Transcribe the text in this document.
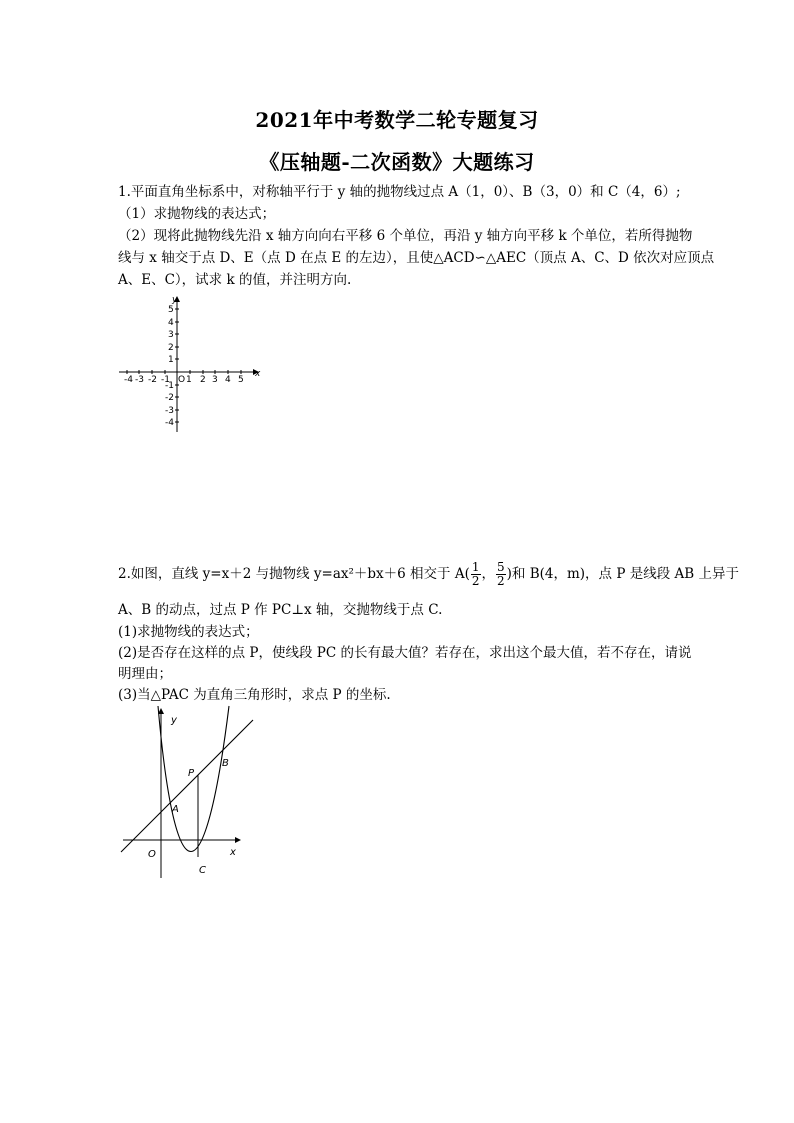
2021年中考数学二轮专题复习
《压轴题-二次函数》大题练习
1.平面直角坐标系中，对称轴平行于 y 轴的抛物线过点 A（1，0）、B（3，0）和 C（4，6）;
（1）求抛物线的表达式；
（2）现将此抛物线先沿 x 轴方向向右平移 6 个单位，再沿 y 轴方向平移 k 个单位，若所得抛物
线与 x 轴交于点 D、E（点 D 在点 E 的左边），且使△ACD∽△AEC（顶点 A、C、D 依次对应顶点
A、E、C），试求 k 的值，并注明方向.
-4 -3 -2 -1 O 1 2 3 4 5
5
4
3
2
1
-1
-2
-3
-4
x
y
2.如图，直线 y=x＋2 与抛物线 y=ax²＋bx＋6 相交于 $A( \frac{1}{2}$ ， $\frac{5}{2}$ )和 B(4，m)，点 P 是线段 AB 上异于
A、B 的动点，过点 P 作 PC⊥x 轴，交抛物线于点 C.
(1)求抛物线的表达式；
(2)是否存在这样的点 P，使线段 PC 的长有最大值？若存在，求出这个最大值，若不存在，请说
明理由；
(3)当△PAC 为直角三角形时，求点 P 的坐标.
y
x
O
A
B
P
C
